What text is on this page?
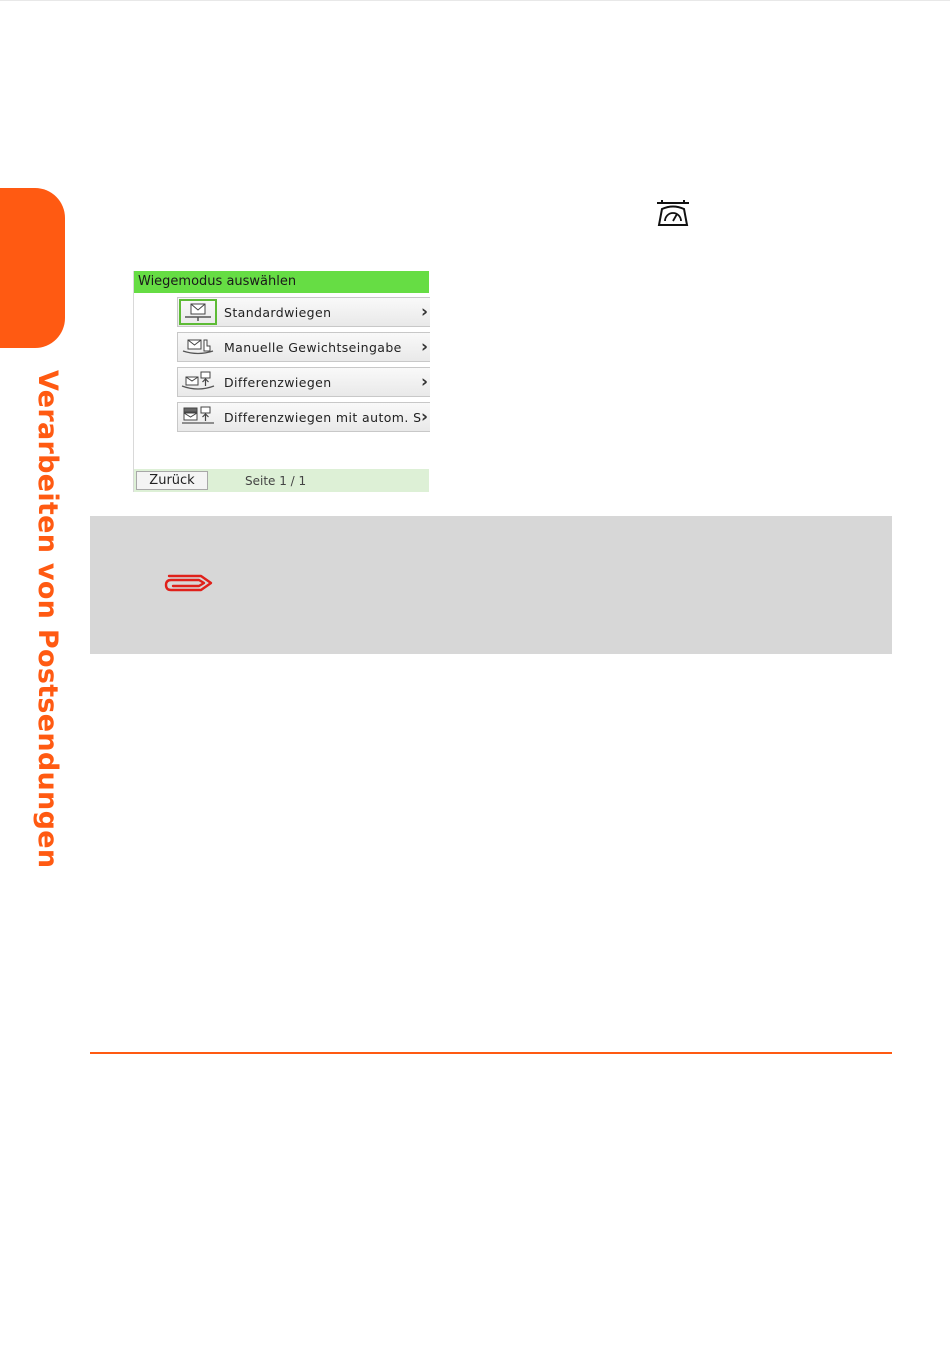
Verarbeiten von Postsendungen
Wiegemodus auswählen
Standardwiegen	›
Manuelle Gewichtseingabe ›
Differenzwiegen	›
Differenzwiegen mit autom. S ›
Zurück	Seite 1 / 1
